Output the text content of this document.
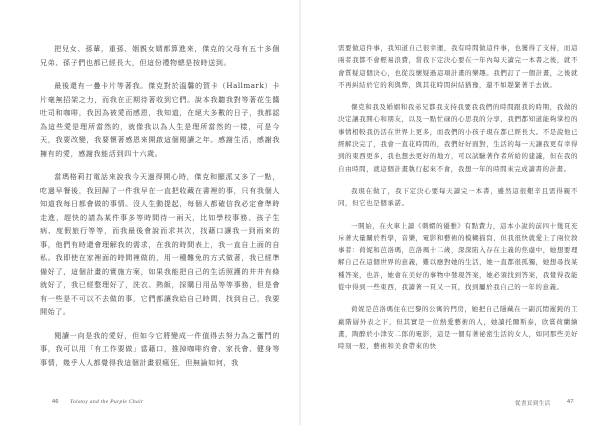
把兒女、孫輩，重孫、姻親女婿都算進來，傑克的父母有五十多個兄弟、孫子們也都已經長大，但這份禮物總是按時送到。

最後還有一疊卡片等著我。傑克對於溫馨的賀卡（Hallmark）卡片毫無招架之力，而我在正期待著收到它們。說本我聽我對等著花生醬吐司和咖啡，我因為被愛而感恩，我知道，在絕大多數的日子，我都認為這些愛是理所當然的，就像我以為人生是理所當然的一樣，可是今天，我要改變，我要懷著感恩來開啟這個閱讀之年。感謝生活，感謝我擁有的愛，感謝我能活到四十六歲。

當瑪格莉打電話來說我今天過得開心時，傑克和顯派又多了一點，吃過早餐後，我回歸了一件我早在一直把收藏在書裡的事，只有我個人知道我每日都會做的事情。沒人生動提起，每個人都確信我必定會準時走進，趕快的請為某件事多等時間待一兩天，比如學校事務、孩子生病、度假旅行等等，而我最後會說而求其次，找藉口讓我一到雨來的事，他們有時還會理解我的需求，在我的時間表上，我一直自上面的自私。我即使在家裡面的時間裡做的，用一種難免的方式做著，我已經準備好了，這個計畫的實施方案，如果我能把自己的生活照護的井井有條就好了，我已經整理好了，洗衣、熱飯，採購日用品等等事務，但是會有一些是不可以不去做的事，它們都讓我給自己時間，找到自己，我要開始了。

閱讀一向是我的愛好，但如今它將變成一件值得去努力為之奮鬥的事，我可以用「有工作要做」當藉口，推掉咖啡約會、家長會、健身等事情，幾乎人人都覺得我這個計畫很瘋狂，但無論如何，我

46 Tolstoy and the Purple Chair

需要做這件事，我知道自己很幸運，我有時間做這件事，也獲得了支持，而這兩者我都不會輕易浪費，當我下定決心要在一年內每天讀完一本書之後，就不會質疑這個決心，也從沒懷疑過這項計畫的樂趣。我們訂了一個計畫，之後就不再糾結於它的利與弊，與其花時間糾結猶豫，還不如趕緊著手去做。

傑克和我及婚姻和我弟兄都我支持我要我我們的時間跟我的時期，我做的決定讓我開心和朋友，以及一點忙碌的心思我的分享，我們都知道能夠掌控的事情相較我仍活在世界上更多，而我們的小孩子現在都已經長大。不是說他已經解決完了，我會一直花時間的，我們好好面對，生活的每一天讓我更有幸得到的東西更多，我也想去更好的地方，可以試驗著作者所給的建議，但在我的自由時間，就這個計畫執行起來不會，我想一年的時間來完成讀書的計畫。

我現在做了，我下定決心要每天讀完一本書，雖然這很艱辛且需得親不同，但它也是個承諾。

一開始，在火車上讀《刺蝟的優雅》有點費力，這本小說的前四十幾頁充斥著大量關於哲學，音樂，電影和藝術的模糊描寫，但我很快就愛上了兩位敘事者：荷妮和芭洛瑪，芭洛瑪十二歲，深深陷入存在主義的焦慮中，她想要理解自己在這個世界的意義，難以應對她的生活，她一直都很孤獨，她想尋找某種答案，也許，她會在美好的事物中發現答案，她必須找到答案，我覺得我能從中得到一些東西，我讀著一頁又一頁，找到屬於我自己的一年的意義。

荷妮是芭洛瑪住在巴黎的公寓的門房，她把自己隱藏在一副沉悶遲鈍的工廠階層外表之下，但其實是一位熱愛藝術的人，她讀托爾斯泰，欣賞荷蘭繪畫，陶醉於小津安二郎的電影，這是一個有著祕密生活的女人，如同那些美好時刻一般，藝術和美食帶來的快

從書頁到生活	47
